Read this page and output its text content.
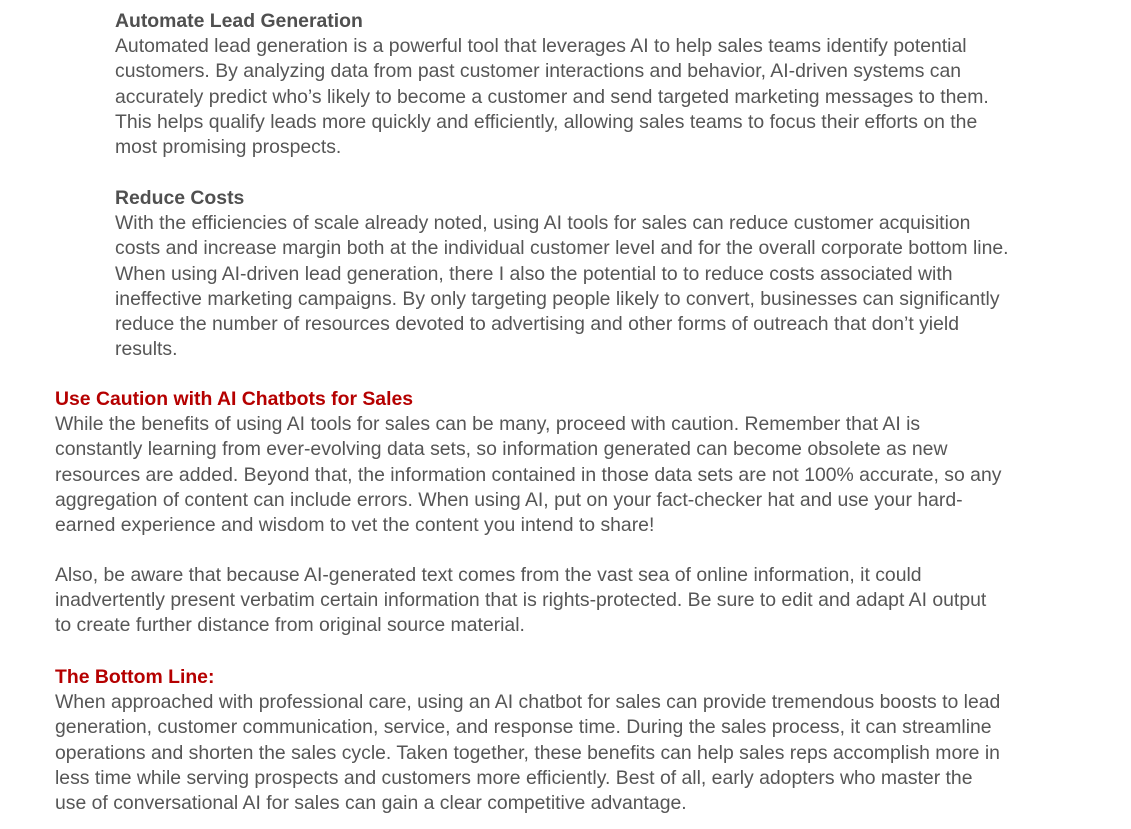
Automate Lead Generation
Automated lead generation is a powerful tool that leverages AI to help sales teams identify potential
customers. By analyzing data from past customer interactions and behavior, AI-driven systems can
accurately predict who’s likely to become a customer and send targeted marketing messages to them.
This helps qualify leads more quickly and efficiently, allowing sales teams to focus their efforts on the
most promising prospects.
Reduce Costs
With the efficiencies of scale already noted, using AI tools for sales can reduce customer acquisition
costs and increase margin both at the individual customer level and for the overall corporate bottom line.
When using AI-driven lead generation, there I also the potential to to reduce costs associated with
ineffective marketing campaigns. By only targeting people likely to convert, businesses can significantly
reduce the number of resources devoted to advertising and other forms of outreach that don’t yield
results.
Use Caution with AI Chatbots for Sales
While the benefits of using AI tools for sales can be many, proceed with caution. Remember that AI is
constantly learning from ever-evolving data sets, so information generated can become obsolete as new
resources are added. Beyond that, the information contained in those data sets are not 100% accurate, so any
aggregation of content can include errors. When using AI, put on your fact-checker hat and use your hard-
earned experience and wisdom to vet the content you intend to share!
Also, be aware that because AI-generated text comes from the vast sea of online information, it could
inadvertently present verbatim certain information that is rights-protected. Be sure to edit and adapt AI output
to create further distance from original source material.
The Bottom Line:
When approached with professional care, using an AI chatbot for sales can provide tremendous boosts to lead
generation, customer communication, service, and response time. During the sales process, it can streamline
operations and shorten the sales cycle. Taken together, these benefits can help sales reps accomplish more in
less time while serving prospects and customers more efficiently. Best of all, early adopters who master the
use of conversational AI for sales can gain a clear competitive advantage.
